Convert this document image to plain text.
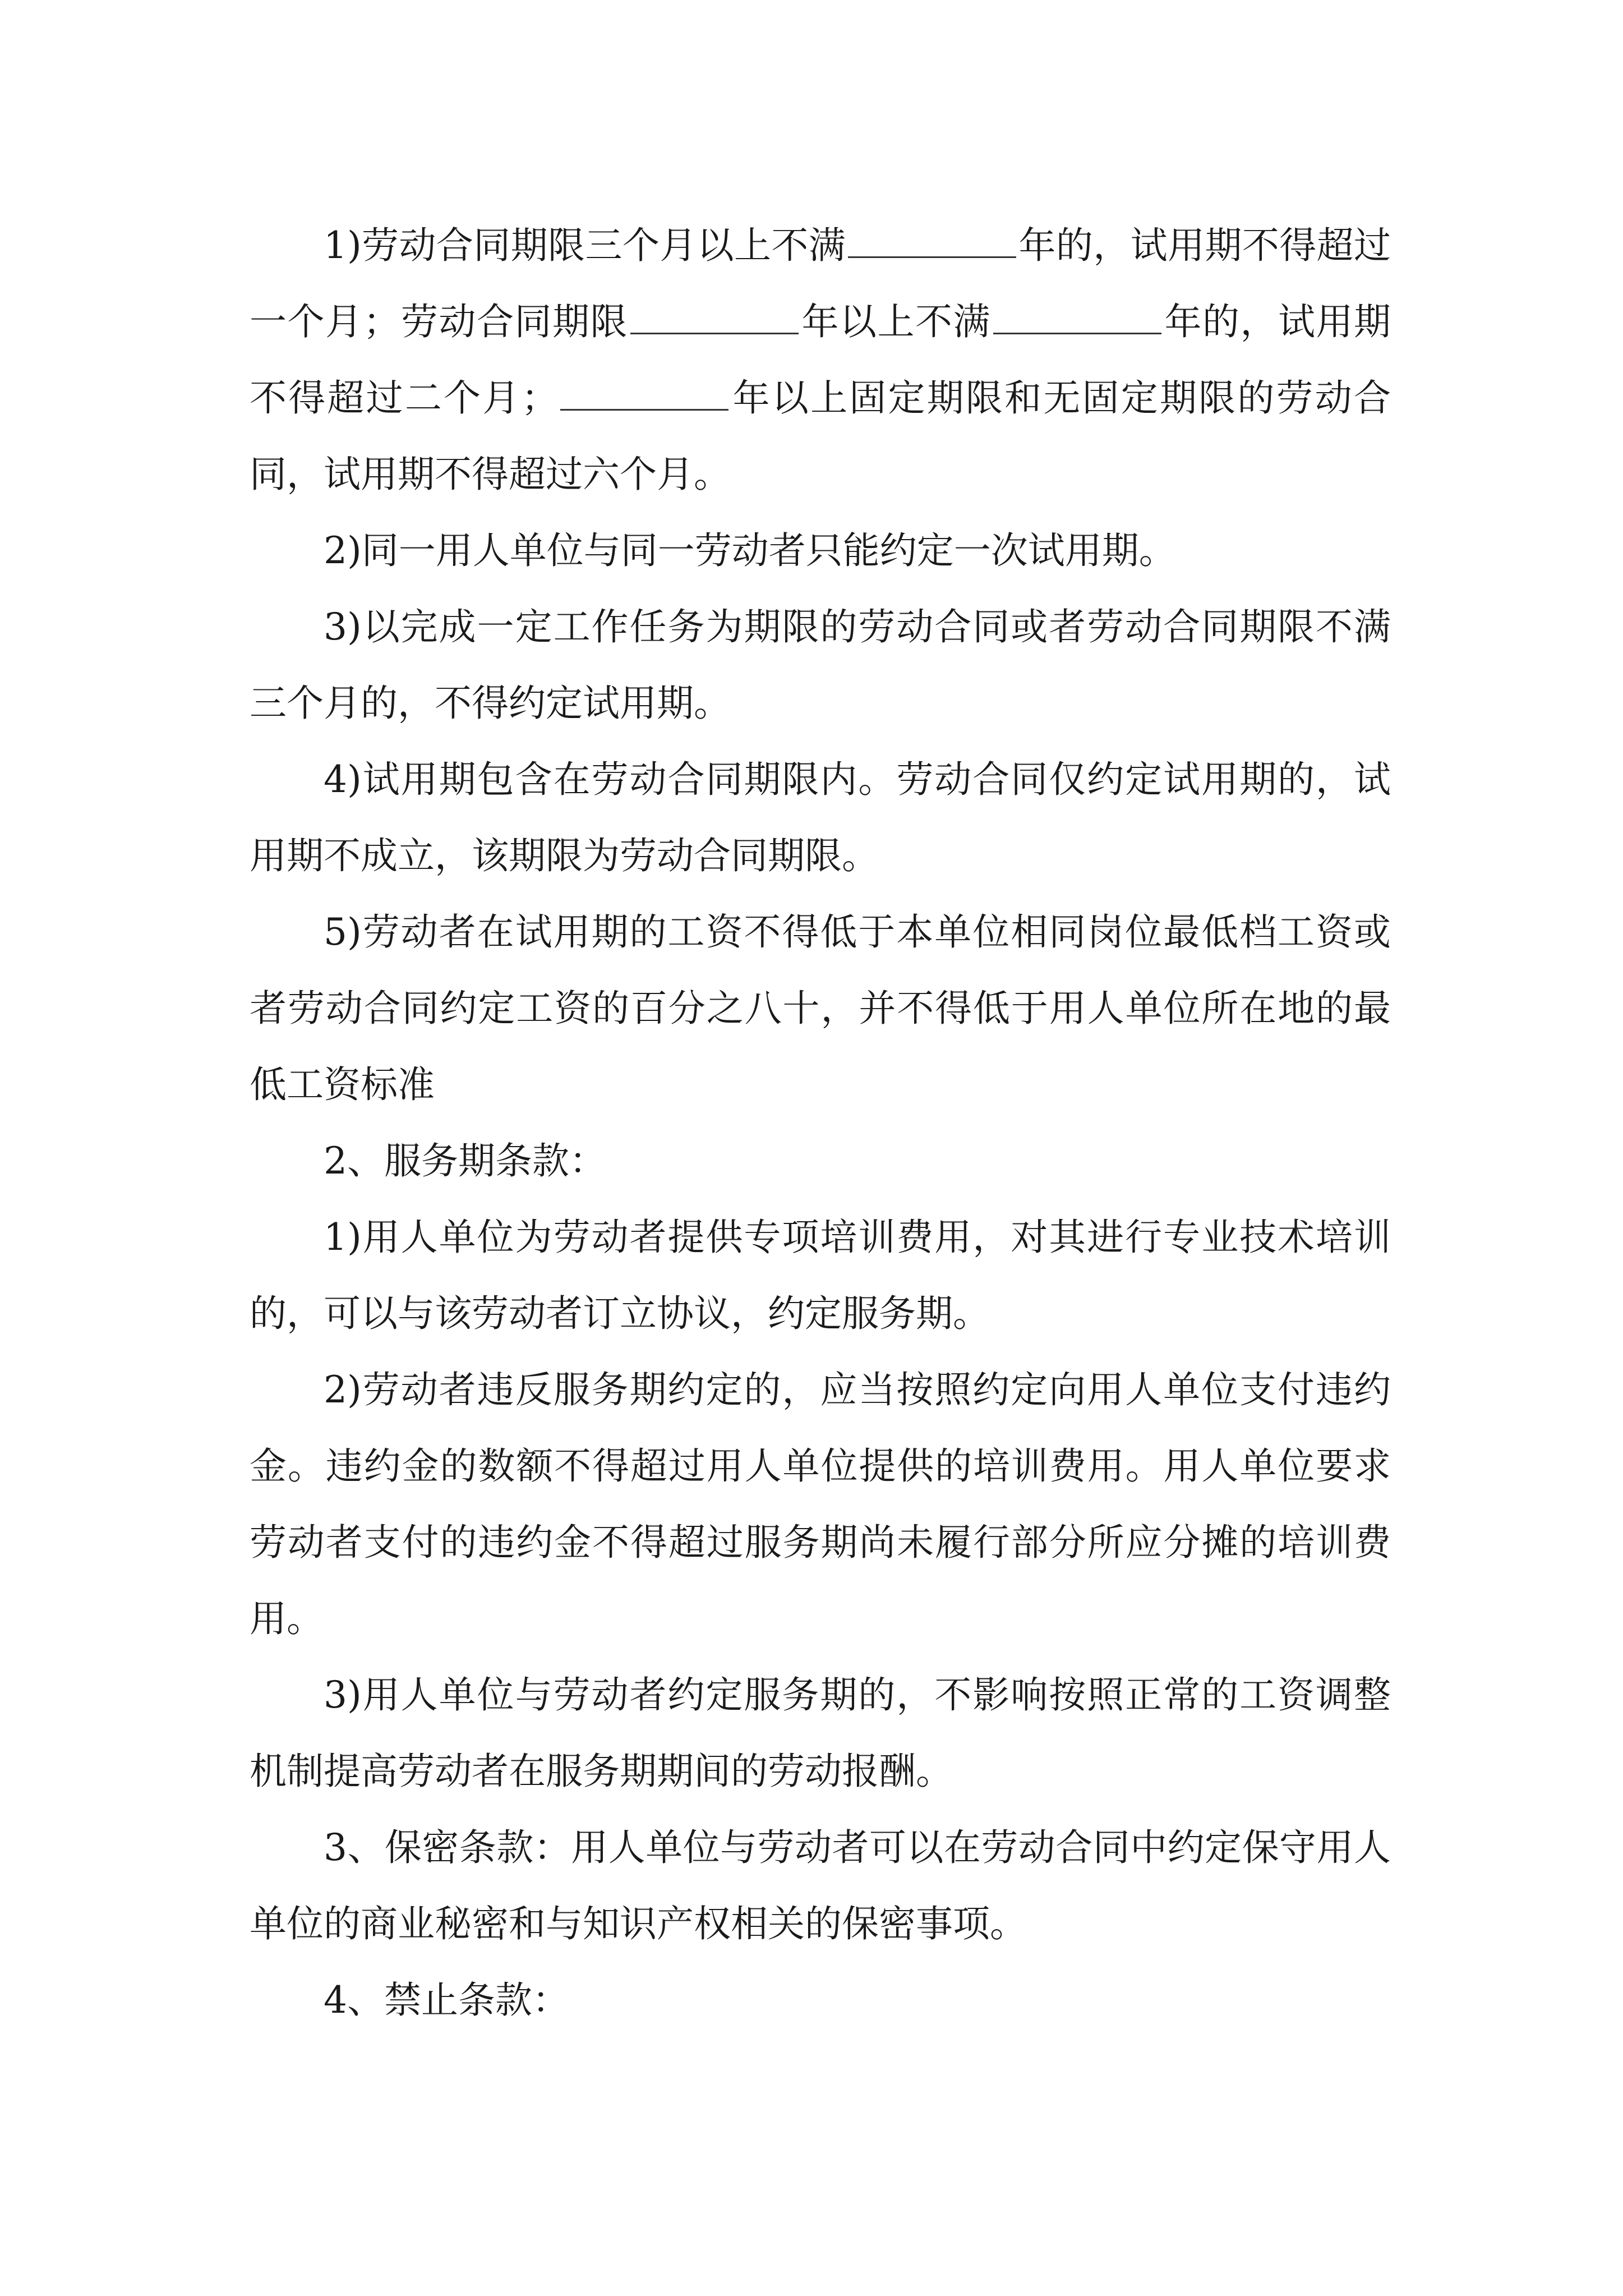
1)劳动合同期限三个月以上不满	年的，试用期不得超过一个月；劳动合同期限	年以上不满	年的，试用期不得超过二个月；	年以上固定期限和无固定期限的劳动合同，试用期不得超过六个月。

2)同一用人单位与同一劳动者只能约定一次试用期。

3)以完成一定工作任务为期限的劳动合同或者劳动合同期限不满三个月的，不得约定试用期。

4)试用期包含在劳动合同期限内。劳动合同仅约定试用期的，试用期不成立，该期限为劳动合同期限。

5)劳动者在试用期的工资不得低于本单位相同岗位最低档工资或者劳动合同约定工资的百分之八十，并不得低于用人单位所在地的最低工资标准

2、服务期条款：

1)用人单位为劳动者提供专项培训费用，对其进行专业技术培训的，可以与该劳动者订立协议，约定服务期。

2)劳动者违反服务期约定的，应当按照约定向用人单位支付违约金。违约金的数额不得超过用人单位提供的培训费用。用人单位要求劳动者支付的违约金不得超过服务期尚未履行部分所应分摊的培训费用。

3)用人单位与劳动者约定服务期的，不影响按照正常的工资调整机制提高劳动者在服务期期间的劳动报酬。

3、保密条款：用人单位与劳动者可以在劳动合同中约定保守用人单位的商业秘密和与知识产权相关的保密事项。

4、禁止条款：
